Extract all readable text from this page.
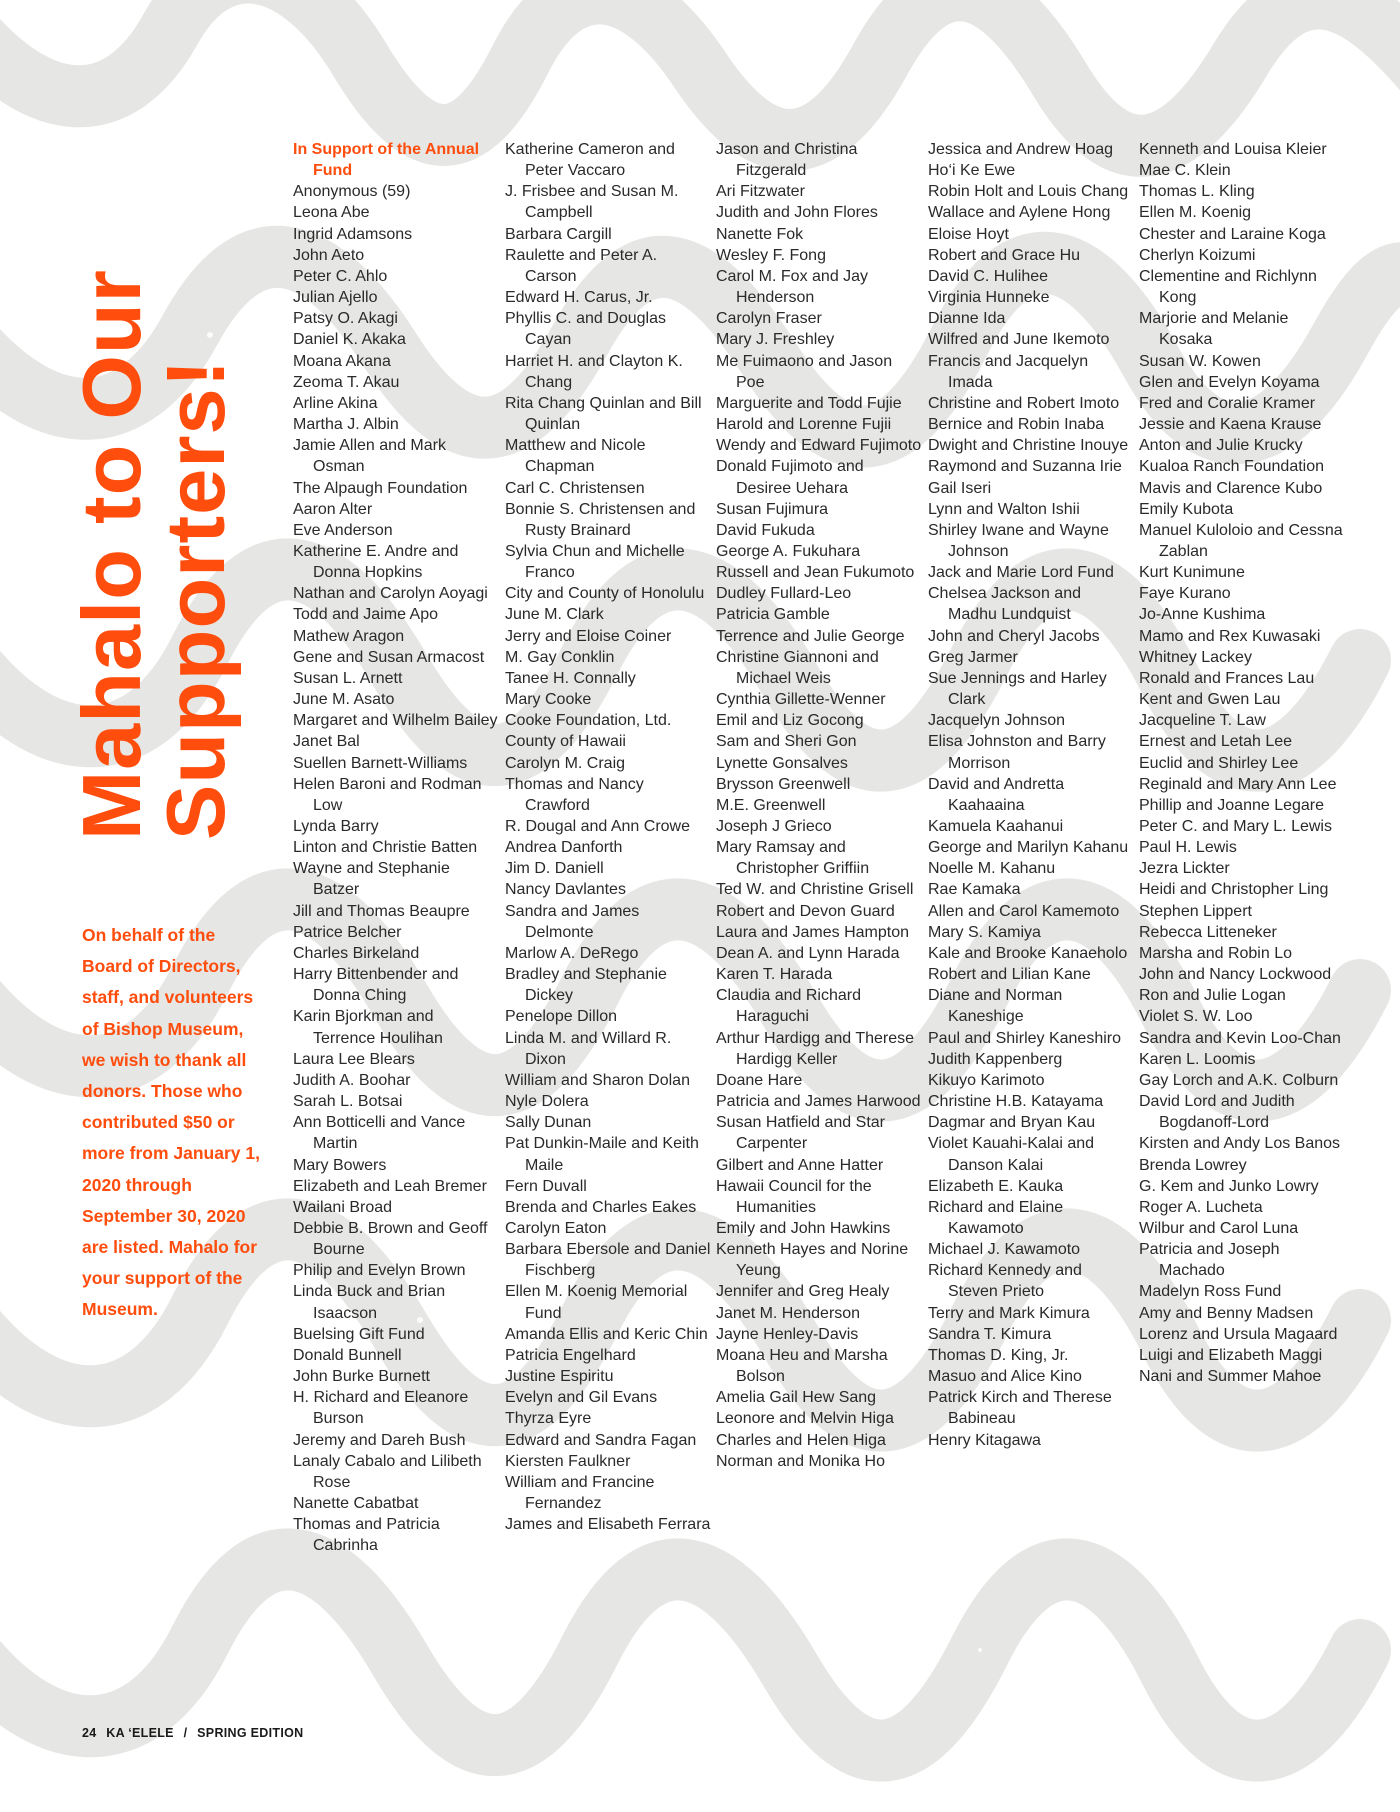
Mahalo to Our
Supporters!
On behalf of the Board of Directors, staff, and volunteers of Bishop Museum, we wish to thank all donors. Those who contributed $50 or more from January 1, 2020 through September 30, 2020 are listed. Mahalo for your support of the Museum.
In Support of the Annual Fund
Anonymous (59)
Leona Abe
Ingrid Adamsons
John Aeto
Peter C. Ahlo
Julian Ajello
Patsy O. Akagi
Daniel K. Akaka
Moana Akana
Zeoma T. Akau
Arline Akina
Martha J. Albin
Jamie Allen and Mark Osman
The Alpaugh Foundation
Aaron Alter
Eve Anderson
Katherine E. Andre and Donna Hopkins
Nathan and Carolyn Aoyagi
Todd and Jaime Apo
Mathew Aragon
Gene and Susan Armacost
Susan L. Arnett
June M. Asato
Margaret and Wilhelm Bailey
Janet Bal
Suellen Barnett-Williams
Helen Baroni and Rodman Low
Lynda Barry
Linton and Christie Batten
Wayne and Stephanie Batzer
Jill and Thomas Beaupre
Patrice Belcher
Charles Birkeland
Harry Bittenbender and Donna Ching
Karin Bjorkman and Terrence Houlihan
Laura Lee Blears
Judith A. Boohar
Sarah L. Botsai
Ann Botticelli and Vance Martin
Mary Bowers
Elizabeth and Leah Bremer
Wailani Broad
Debbie B. Brown and Geoff Bourne
Philip and Evelyn Brown
Linda Buck and Brian Isaacson
Buelsing Gift Fund
Donald Bunnell
John Burke Burnett
H. Richard and Eleanore Burson
Jeremy and Dareh Bush
Lanaly Cabalo and Lilibeth Rose
Nanette Cabatbat
Thomas and Patricia Cabrinha
Katherine Cameron and Peter Vaccaro
J. Frisbee and Susan M. Campbell
Barbara Cargill
Raulette and Peter A. Carson
Edward H. Carus, Jr.
Phyllis C. and Douglas Cayan
Harriet H. and Clayton K. Chang
Rita Chang Quinlan and Bill Quinlan
Matthew and Nicole Chapman
Carl C. Christensen
Bonnie S. Christensen and Rusty Brainard
Sylvia Chun and Michelle Franco
City and County of Honolulu
June M. Clark
Jerry and Eloise Coiner
M. Gay Conklin
Tanee H. Connally
Mary Cooke
Cooke Foundation, Ltd.
County of Hawaii
Carolyn M. Craig
Thomas and Nancy Crawford
R. Dougal and Ann Crowe
Andrea Danforth
Jim D. Daniell
Nancy Davlantes
Sandra and James Delmonte
Marlow A. DeRego
Bradley and Stephanie Dickey
Penelope Dillon
Linda M. and Willard R. Dixon
William and Sharon Dolan
Nyle Dolera
Sally Dunan
Pat Dunkin-Maile and Keith Maile
Fern Duvall
Brenda and Charles Eakes
Carolyn Eaton
Barbara Ebersole and Daniel Fischberg
Ellen M. Koenig Memorial Fund
Amanda Ellis and Keric Chin
Patricia Engelhard
Justine Espiritu
Evelyn and Gil Evans
Thyrza Eyre
Edward and Sandra Fagan
Kiersten Faulkner
William and Francine Fernandez
James and Elisabeth Ferrara
Jason and Christina Fitzgerald
Ari Fitzwater
Judith and John Flores
Nanette Fok
Wesley F. Fong
Carol M. Fox and Jay Henderson
Carolyn Fraser
Mary J. Freshley
Me Fuimaono and Jason Poe
Marguerite and Todd Fujie
Harold and Lorenne Fujii
Wendy and Edward Fujimoto
Donald Fujimoto and Desiree Uehara
Susan Fujimura
David Fukuda
George A. Fukuhara
Russell and Jean Fukumoto
Dudley Fullard-Leo
Patricia Gamble
Terrence and Julie George
Christine Giannoni and Michael Weis
Cynthia Gillette-Wenner
Emil and Liz Gocong
Sam and Sheri Gon
Lynette Gonsalves
Brysson Greenwell
M.E. Greenwell
Joseph J Grieco
Mary Ramsay and Christopher Griffiin
Ted W. and Christine Grisell
Robert and Devon Guard
Laura and James Hampton
Dean A. and Lynn Harada
Karen T. Harada
Claudia and Richard Haraguchi
Arthur Hardigg and Therese Hardigg Keller
Doane Hare
Patricia and James Harwood
Susan Hatfield and Star Carpenter
Gilbert and Anne Hatter
Hawaii Council for the Humanities
Emily and John Hawkins
Kenneth Hayes and Norine Yeung
Jennifer and Greg Healy
Janet M. Henderson
Jayne Henley-Davis
Moana Heu and Marsha Bolson
Amelia Gail Hew Sang
Leonore and Melvin Higa
Charles and Helen Higa
Norman and Monika Ho
Jessica and Andrew Hoag
Ho‘i Ke Ewe
Robin Holt and Louis Chang
Wallace and Aylene Hong
Eloise Hoyt
Robert and Grace Hu
David C. Hulihee
Virginia Hunneke
Dianne Ida
Wilfred and June Ikemoto
Francis and Jacquelyn Imada
Christine and Robert Imoto
Bernice and Robin Inaba
Dwight and Christine Inouye
Raymond and Suzanna Irie
Gail Iseri
Lynn and Walton Ishii
Shirley Iwane and Wayne Johnson
Jack and Marie Lord Fund
Chelsea Jackson and Madhu Lundquist
John and Cheryl Jacobs
Greg Jarmer
Sue Jennings and Harley Clark
Jacquelyn Johnson
Elisa Johnston and Barry Morrison
David and Andretta Kaahaaina
Kamuela Kaahanui
George and Marilyn Kahanu
Noelle M. Kahanu
Rae Kamaka
Allen and Carol Kamemoto
Mary S. Kamiya
Kale and Brooke Kanaeholo
Robert and Lilian Kane
Diane and Norman Kaneshige
Paul and Shirley Kaneshiro
Judith Kappenberg
Kikuyo Karimoto
Christine H.B. Katayama
Dagmar and Bryan Kau
Violet Kauahi-Kalai and Danson Kalai
Elizabeth E. Kauka
Richard and Elaine Kawamoto
Michael J. Kawamoto
Richard Kennedy and Steven Prieto
Terry and Mark Kimura
Sandra T. Kimura
Thomas D. King, Jr.
Masuo and Alice Kino
Patrick Kirch and Therese Babineau
Henry Kitagawa
Kenneth and Louisa Kleier
Mae C. Klein
Thomas L. Kling
Ellen M. Koenig
Chester and Laraine Koga
Cherlyn Koizumi
Clementine and Richlynn Kong
Marjorie and Melanie Kosaka
Susan W. Kowen
Glen and Evelyn Koyama
Fred and Coralie Kramer
Jessie and Kaena Krause
Anton and Julie Krucky
Kualoa Ranch Foundation
Mavis and Clarence Kubo
Emily Kubota
Manuel Kuloloio and Cessna Zablan
Kurt Kunimune
Faye Kurano
Jo-Anne Kushima
Mamo and Rex Kuwasaki
Whitney Lackey
Ronald and Frances Lau
Kent and Gwen Lau
Jacqueline T. Law
Ernest and Letah Lee
Euclid and Shirley Lee
Reginald and Mary Ann Lee
Phillip and Joanne Legare
Peter C. and Mary L. Lewis
Paul H. Lewis
Jezra Lickter
Heidi and Christopher Ling
Stephen Lippert
Rebecca Litteneker
Marsha and Robin Lo
John and Nancy Lockwood
Ron and Julie Logan
Violet S. W. Loo
Sandra and Kevin Loo-Chan
Karen L. Loomis
Gay Lorch and A.K. Colburn
David Lord and Judith Bogdanoff-Lord
Kirsten and Andy Los Banos
Brenda Lowrey
G. Kem and Junko Lowry
Roger A. Lucheta
Wilbur and Carol Luna
Patricia and Joseph Machado
Madelyn Ross Fund
Amy and Benny Madsen
Lorenz and Ursula Magaard
Luigi and Elizabeth Maggi
Nani and Summer Mahoe
24 KA ‘ELELE / SPRING EDITION
